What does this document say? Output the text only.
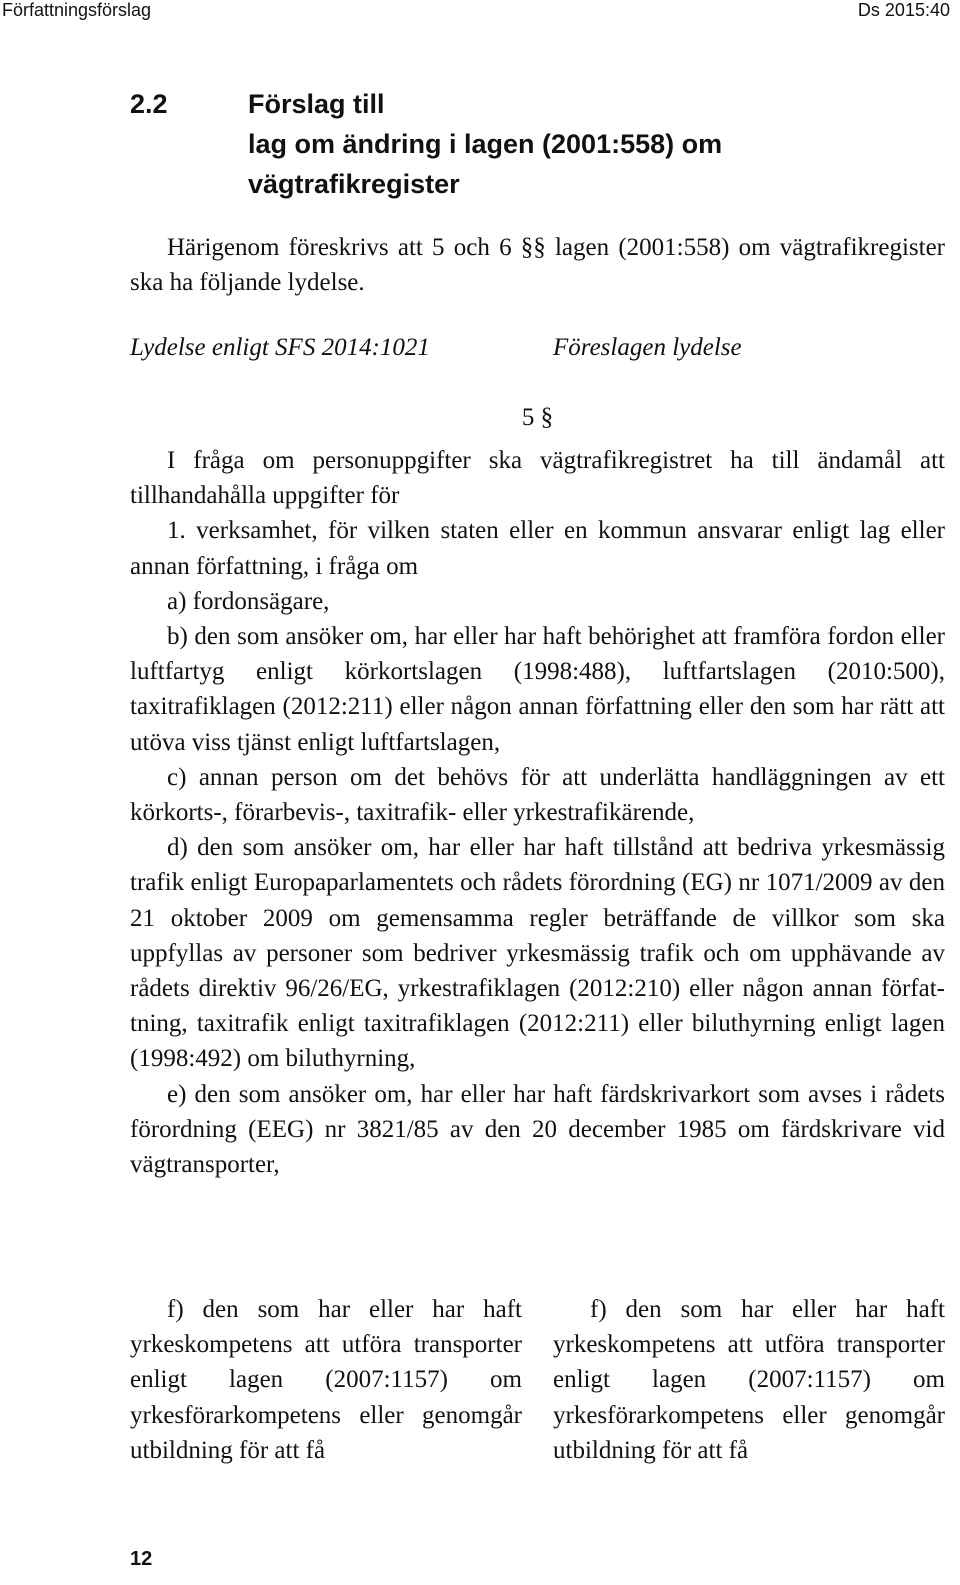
Författningsförslag	Ds 2015:40
2.2	Förslag till
lag om ändring i lagen (2001:558) om
vägtrafikregister
Härigenom föreskrivs att 5 och 6 §§ lagen (2001:558) om vägtrafikregister ska ha följande lydelse.
Lydelse enligt SFS 2014:1021	Föreslagen lydelse
5 §

I fråga om personuppgifter ska vägtrafikregistret ha till ändamål att tillhandahålla uppgifter för

1. verksamhet, för vilken staten eller en kommun ansvarar enligt lag eller annan författning, i fråga om

a) fordonsägare,

b) den som ansöker om, har eller har haft behörighet att framföra fordon eller luftfartyg enligt körkortslagen (1998:488), luftfartslagen (2010:500), taxitrafiklagen (2012:211) eller någon annan författning eller den som har rätt att utöva viss tjänst enligt luftfartslagen,

c) annan person om det behövs för att underlätta handläggningen av ett körkorts-, förarbevis-, taxitrafik- eller yrkestrafikärende,

d) den som ansöker om, har eller har haft tillstånd att bedriva yrkesmässig trafik enligt Europaparlamentets och rådets förordning (EG) nr 1071/2009 av den 21 oktober 2009 om gemensamma regler beträffande de villkor som ska uppfyllas av personer som bedriver yrkesmässig trafik och om upphävande av rådets direktiv 96/26/EG, yrkestrafiklagen (2012:210) eller någon annan författning, taxitrafik enligt taxitrafiklagen (2012:211) eller biluthyrning enligt lagen (1998:492) om biluthyrning,

e) den som ansöker om, har eller har haft färdskrivarkort som avses i rådets förordning (EEG) nr 3821/85 av den 20 december 1985 om färdskrivare vid vägtransporter,

f) den som har eller har haft yrkeskompetens att utföra transporter enligt lagen (2007:1157) om yrkesförarkompetens eller genomgår utbildning för att få

f) den som har eller har haft yrkeskompetens att utföra transporter enligt lagen (2007:1157) om yrkesförarkompetens eller genomgår utbildning för att få

12
